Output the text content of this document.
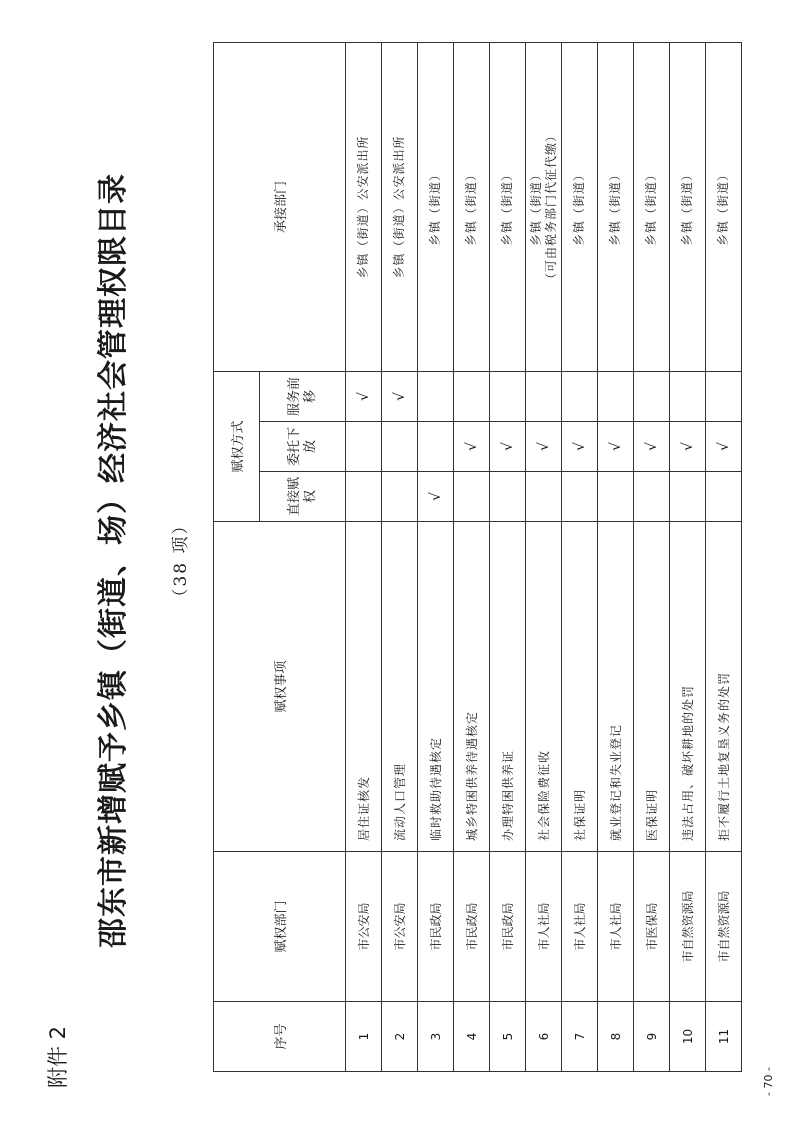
附件 2
邵东市新增赋予乡镇（街道、场）经济社会管理权限目录 （38 项）
序号	赋权部门	赋权事项	赋权方式			承接部门
			直接赋权	委托下放	服务前移	
1	市公安局	居住证核发			√	乡镇（街道）公安派出所

2	市公安局	流动人口管理			√	乡镇（街道）公安派出所

3	市民政局	临时救助待遇核定	√			乡镇（街道）

4	市民政局	城乡特困供养待遇核定		√		乡镇（街道）

5	市民政局	办理特困供养证		√		乡镇（街道）

6	市人社局	社会保险费征收		√		乡镇（街道） （可由税务部门代征代缴）

7	市人社局	社保证明		√		乡镇（街道）

8	市人社局	就业登记和失业登记		√		乡镇（街道）

9	市医保局	医保证明		√		乡镇（街道）

10	市自然资源局	违法占用、破坏耕地的处罚		√		乡镇（街道）

11	市自然资源局	拒不履行土地复垦义务的处罚		√		乡镇（街道）
- 70 -
